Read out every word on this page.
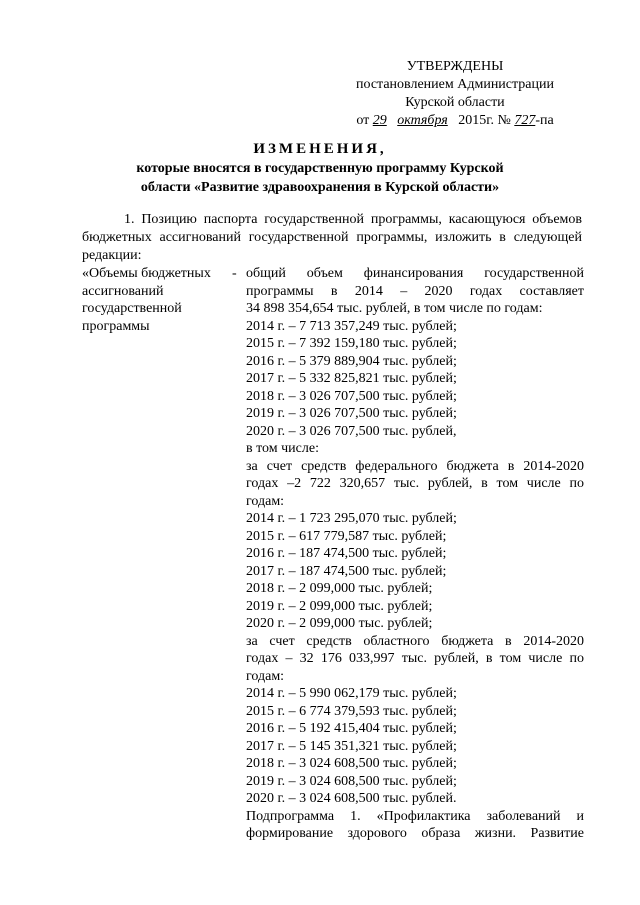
УТВЕРЖДЕНЫ
постановлением Администрации
Курской области
от 29 октября 2015г. № 727-па
ИЗМЕНЕНИЯ,
которые вносятся в государственную программу Курской
области «Развитие здравоохранения в Курской области»
1. Позицию паспорта государственной программы, касающуюся объемов бюджетных ассигнований государственной программы, изложить в следующей редакции:
«Объемы бюджетных	-
ассигнований
государственной
программы
общий объем финансирования государственной
программы в 2014 – 2020 годах составляет
34 898 354,654 тыс. рублей, в том числе по годам:
2014 г. – 7 713 357,249 тыс. рублей;
2015 г. – 7 392 159,180 тыс. рублей;
2016 г. – 5 379 889,904 тыс. рублей;
2017 г. – 5 332 825,821 тыс. рублей;
2018 г. – 3 026 707,500 тыс. рублей;
2019 г. – 3 026 707,500 тыс. рублей;
2020 г. – 3 026 707,500 тыс. рублей,
в том числе:
за счет средств федерального бюджета в 2014-2020
годах –2 722 320,657 тыс. рублей, в том числе по
годам:
2014 г. – 1 723 295,070 тыс. рублей;
2015 г. – 617 779,587 тыс. рублей;
2016 г. – 187 474,500 тыс. рублей;
2017 г. – 187 474,500 тыс. рублей;
2018 г. – 2 099,000 тыс. рублей;
2019 г. – 2 099,000 тыс. рублей;
2020 г. – 2 099,000 тыс. рублей;
за счет средств областного бюджета в 2014-2020
годах – 32 176 033,997 тыс. рублей, в том числе по
годам:
2014 г. – 5 990 062,179 тыс. рублей;
2015 г. – 6 774 379,593 тыс. рублей;
2016 г. – 5 192 415,404 тыс. рублей;
2017 г. – 5 145 351,321 тыс. рублей;
2018 г. – 3 024 608,500 тыс. рублей;
2019 г. – 3 024 608,500 тыс. рублей;
2020 г. – 3 024 608,500 тыс. рублей.
Подпрограмма 1. «Профилактика заболеваний и
формирование здорового образа жизни. Развитие
